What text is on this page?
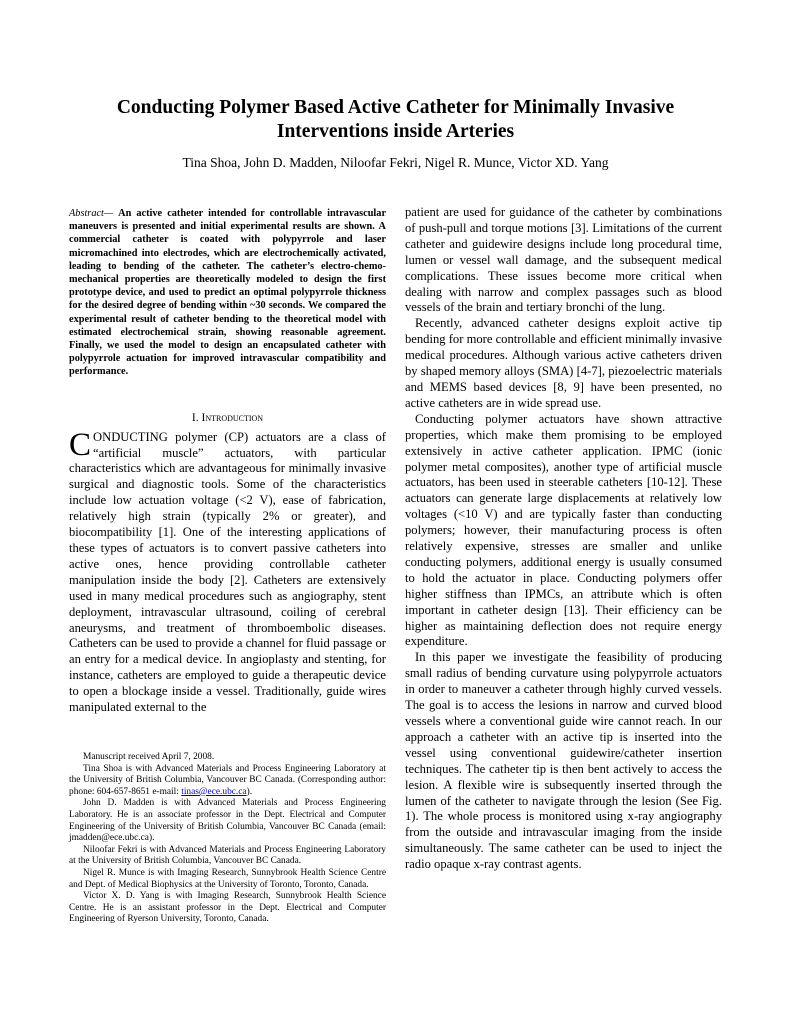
Conducting Polymer Based Active Catheter for Minimally Invasive
Interventions inside Arteries
Tina Shoa, John D. Madden, Niloofar Fekri, Nigel R. Munce, Victor XD. Yang

Abstract— An active catheter intended for controllable intravascular maneuvers is presented and initial experimental results are shown. A commercial catheter is coated with polypyrrole and laser micromachined into electrodes, which are electrochemically activated, leading to bending of the catheter. The catheter’s electro-chemo-mechanical properties are theoretically modeled to design the first prototype device, and used to predict an optimal polypyrrole thickness for the desired degree of bending within ~30 seconds. We compared the experimental result of catheter bending to the theoretical model with estimated electrochemical strain, showing reasonable agreement. Finally, we used the model to design an encapsulated catheter with polypyrrole actuation for improved intravascular compatibility and performance.

I. Introduction

CONDUCTING polymer (CP) actuators are a class of “artificial muscle” actuators, with particular characteristics which are advantageous for minimally invasive surgical and diagnostic tools. Some of the characteristics include low actuation voltage (<2 V), ease of fabrication, relatively high strain (typically 2% or greater), and biocompatibility [1]. One of the interesting applications of these types of actuators is to convert passive catheters into active ones, hence providing controllable catheter manipulation inside the body [2]. Catheters are extensively used in many medical procedures such as angiography, stent deployment, intravascular ultrasound, coiling of cerebral aneurysms, and treatment of thromboembolic diseases. Catheters can be used to provide a channel for fluid passage or an entry for a medical device. In angioplasty and stenting, for instance, catheters are employed to guide a therapeutic device to open a blockage inside a vessel. Traditionally, guide wires manipulated external to the

Manuscript received April 7, 2008.

Tina Shoa is with Advanced Materials and Process Engineering Laboratory at the University of British Columbia, Vancouver BC Canada. (Corresponding author: phone: 604-657-8651 e-mail: tinas@ece.ubc.ca).

John D. Madden is with Advanced Materials and Process Engineering Laboratory. He is an associate professor in the Dept. Electrical and Computer Engineering of the University of British Columbia, Vancouver BC Canada (email: jmadden@ece.ubc.ca).

Niloofar Fekri is with Advanced Materials and Process Engineering Laboratory at the University of British Columbia, Vancouver BC Canada.

Nigel R. Munce is with Imaging Research, Sunnybrook Health Science Centre and Dept. of Medical Biophysics at the University of Toronto, Toronto, Canada.

Victor X. D. Yang is with Imaging Research, Sunnybrook Health Science Centre. He is an assistant professor in the Dept. Electrical and Computer Engineering of Ryerson University, Toronto, Canada.

patient are used for guidance of the catheter by combinations of push-pull and torque motions [3]. Limitations of the current catheter and guidewire designs include long procedural time, lumen or vessel wall damage, and the subsequent medical complications. These issues become more critical when dealing with narrow and complex passages such as blood vessels of the brain and tertiary bronchi of the lung.

Recently, advanced catheter designs exploit active tip bending for more controllable and efficient minimally invasive medical procedures. Although various active catheters driven by shaped memory alloys (SMA) [4-7], piezoelectric materials and MEMS based devices [8, 9] have been presented, no active catheters are in wide spread use.

Conducting polymer actuators have shown attractive properties, which make them promising to be employed extensively in active catheter application. IPMC (ionic polymer metal composites), another type of artificial muscle actuators, has been used in steerable catheters [10-12]. These actuators can generate large displacements at relatively low voltages (<10 V) and are typically faster than conducting polymers; however, their manufacturing process is often relatively expensive, stresses are smaller and unlike conducting polymers, additional energy is usually consumed to hold the actuator in place. Conducting polymers offer higher stiffness than IPMCs, an attribute which is often important in catheter design [13]. Their efficiency can be higher as maintaining deflection does not require energy expenditure.

In this paper we investigate the feasibility of producing small radius of bending curvature using polypyrrole actuators in order to maneuver a catheter through highly curved vessels. The goal is to access the lesions in narrow and curved blood vessels where a conventional guide wire cannot reach. In our approach a catheter with an active tip is inserted into the vessel using conventional guidewire/catheter insertion techniques. The catheter tip is then bent actively to access the lesion. A flexible wire is subsequently inserted through the lumen of the catheter to navigate through the lesion (See Fig. 1). The whole process is monitored using x-ray angiography from the outside and intravascular imaging from the inside simultaneously. The same catheter can be used to inject the radio opaque x-ray contrast agents.
